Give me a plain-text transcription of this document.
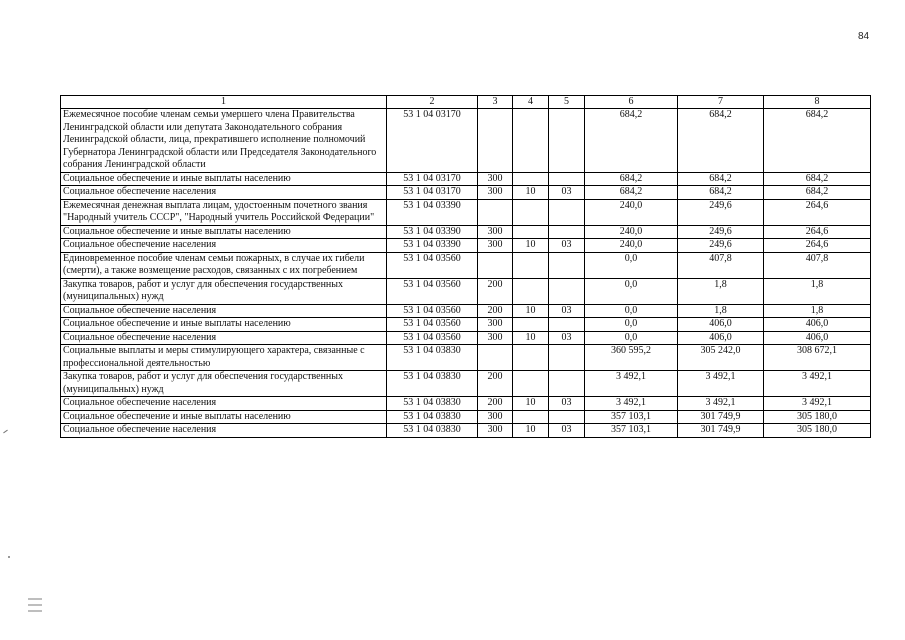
84
1	2	3	4	5	6	7	8
Ежемесячное пособие членам семьи умершего члена Правительства Ленинградской области или депутата Законодательного собрания Ленинградской области, лица, прекратившего исполнение полномочий Губернатора Ленинградской области или Председателя Законодательного собрания Ленинградской области	53 1 04 03170				684,2	684,2	684,2
Социальное обеспечение и иные выплаты населению	53 1 04 03170	300			684,2	684,2	684,2
Социальное обеспечение населения	53 1 04 03170	300	10	03	684,2	684,2	684,2
Ежемесячная денежная выплата лицам, удостоенным почетного звания "Народный учитель СССР", "Народный учитель Российской Федерации"	53 1 04 03390				240,0	249,6	264,6
Социальное обеспечение и иные выплаты населению	53 1 04 03390	300			240,0	249,6	264,6
Социальное обеспечение населения	53 1 04 03390	300	10	03	240,0	249,6	264,6
Единовременное пособие членам семьи пожарных, в случае их гибели (смерти), а также возмещение расходов, связанных с их погребением	53 1 04 03560				0,0	407,8	407,8
Закупка товаров, работ и услуг для обеспечения государственных (муниципальных) нужд	53 1 04 03560	200			0,0	1,8	1,8
Социальное обеспечение населения	53 1 04 03560	200	10	03	0,0	1,8	1,8
Социальное обеспечение и иные выплаты населению	53 1 04 03560	300			0,0	406,0	406,0
Социальное обеспечение населения	53 1 04 03560	300	10	03	0,0	406,0	406,0
Социальные выплаты и меры стимулирующего характера, связанные с профессиональной деятельностью	53 1 04 03830				360 595,2	305 242,0	308 672,1
Закупка товаров, работ и услуг для обеспечения государственных (муниципальных) нужд	53 1 04 03830	200			3 492,1	3 492,1	3 492,1
Социальное обеспечение населения	53 1 04 03830	200	10	03	3 492,1	3 492,1	3 492,1
Социальное обеспечение и иные выплаты населению	53 1 04 03830	300			357 103,1	301 749,9	305 180,0
Социальное обеспечение населения	53 1 04 03830	300	10	03	357 103,1	301 749,9	305 180,0
